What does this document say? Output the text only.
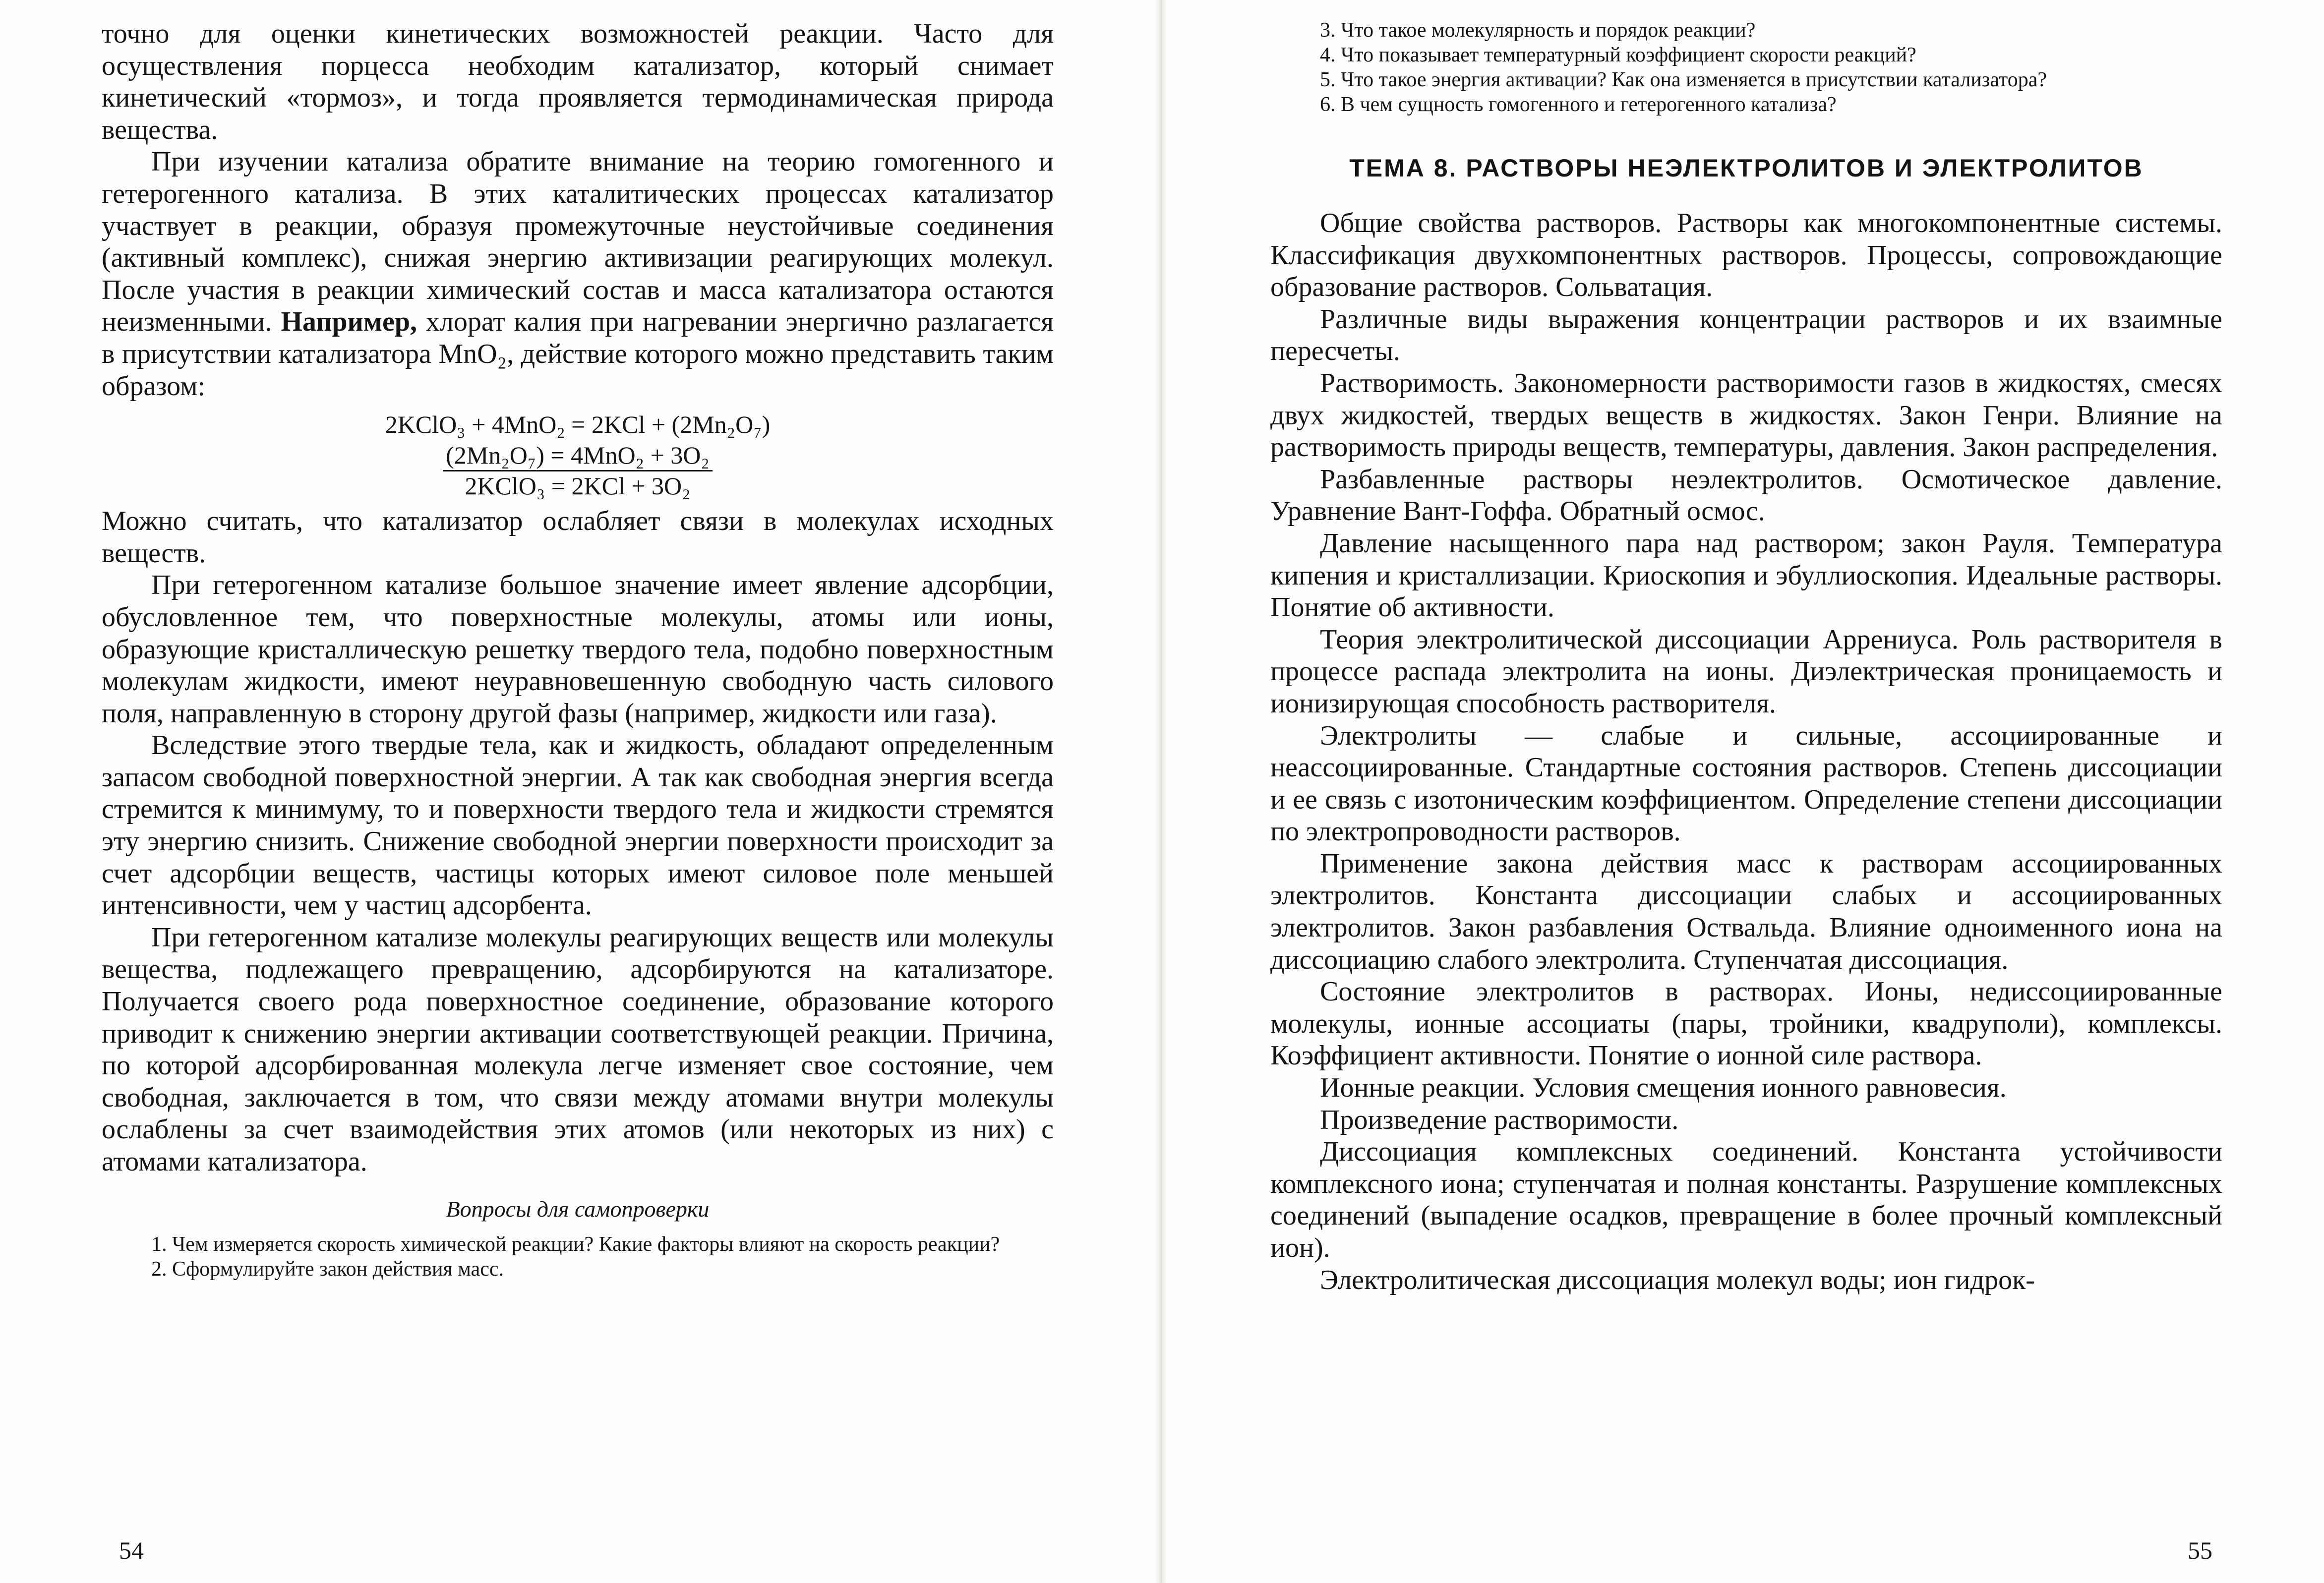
точно для оценки кинетических возможностей реакции. Часто для осуществления порцесса необходим катализатор, который снимает кинетический «тормоз», и тогда проявляется термодинамическая природа вещества.

При изучении катализа обратите внимание на теорию гомогенного и гетерогенного катализа. В этих каталитических процессах катализатор участвует в реакции, образуя промежуточные неустойчивые соединения (активный комплекс), снижая энергию активизации реагирующих молекул. После участия в реакции химический состав и масса катализатора остаются неизменными. Например, хлорат калия при нагревании энергично разлагается в присутствии катализатора MnO₂, действие которого можно представить таким образом:

2KClO₃ + 4MnO₂ = 2KCl + (2Mn₂O₇)
(2Mn₂O₇) = 4MnO₂ + 3O₂
2KClO₃ = 2KCl + 3O₂

Можно считать, что катализатор ослабляет связи в молекулах исходных веществ.

При гетерогенном катализе большое значение имеет явление адсорбции, обусловленное тем, что поверхностные молекулы, атомы или ионы, образующие кристаллическую решетку твердого тела, подобно поверхностным молекулам жидкости, имеют неуравновешенную свободную часть силового поля, направленную в сторону другой фазы (например, жидкости или газа).

Вследствие этого твердые тела, как и жидкость, обладают определенным запасом свободной поверхностной энергии. А так как свободная энергия всегда стремится к минимуму, то и поверхности твердого тела и жидкости стремятся эту энергию снизить. Снижение свободной энергии поверхности происходит за счет адсорбции веществ, частицы которых имеют силовое поле меньшей интенсивности, чем у частиц адсорбента.

При гетерогенном катализе молекулы реагирующих веществ или молекулы вещества, подлежащего превращению, адсорбируются на катализаторе. Получается своего рода поверхностное соединение, образование которого приводит к снижению энергии активации соответствующей реакции. Причина, по которой адсорбированная молекула легче изменяет свое состояние, чем свободная, заключается в том, что связи между атомами внутри молекулы ослаблены за счет взаимодействия этих атомов (или некоторых из них) с атомами катализатора.

Вопросы для самопроверки

1. Чем измеряется скорость химической реакции? Какие факторы влияют на скорость реакции?

2. Сформулируйте закон действия масс.

54

3. Что такое молекулярность и порядок реакции?

4. Что показывает температурный коэффициент скорости реакций?

5. Что такое энергия активации? Как она изменяется в присутствии катализатора?

6. В чем сущность гомогенного и гетерогенного катализа?

ТЕМА 8. РАСТВОРЫ НЕЭЛЕКТРОЛИТОВ И ЭЛЕКТРОЛИТОВ

Общие свойства растворов. Растворы как многокомпонентные системы. Классификация двухкомпонентных растворов. Процессы, сопровождающие образование растворов. Сольватация.

Различные виды выражения концентрации растворов и их взаимные пересчеты.

Растворимость. Закономерности растворимости газов в жидкостях, смесях двух жидкостей, твердых веществ в жидкостях. Закон Генри. Влияние на растворимость природы веществ, температуры, давления. Закон распределения.

Разбавленные растворы неэлектролитов. Осмотическое давление. Уравнение Вант-Гоффа. Обратный осмос.

Давление насыщенного пара над раствором; закон Рауля. Температура кипения и кристаллизации. Криоскопия и эбуллиоскопия. Идеальные растворы. Понятие об активности.

Теория электролитической диссоциации Аррениуса. Роль растворителя в процессе распада электролита на ионы. Диэлектрическая проницаемость и ионизирующая способность растворителя.

Электролиты — слабые и сильные, ассоциированные и неассоциированные. Стандартные состояния растворов. Степень диссоциации и ее связь с изотоническим коэффициентом. Определение степени диссоциации по электропроводности растворов.

Применение закона действия масс к растворам ассоциированных электролитов. Константа диссоциации слабых и ассоциированных электролитов. Закон разбавления Оствальда. Влияние одноименного иона на диссоциацию слабого электролита. Ступенчатая диссоциация.

Состояние электролитов в растворах. Ионы, недиссоциированные молекулы, ионные ассоциаты (пары, тройники, квадруполи), комплексы. Коэффициент активности. Понятие о ионной силе раствора.

Ионные реакции. Условия смещения ионного равновесия.

Произведение растворимости.

Диссоциация комплексных соединений. Константа устойчивости комплексного иона; ступенчатая и полная константы. Разрушение комплексных соединений (выпадение осадков, превращение в более прочный комплексный ион).

Электролитическая диссоциация молекул воды; ион гидрок-

55
